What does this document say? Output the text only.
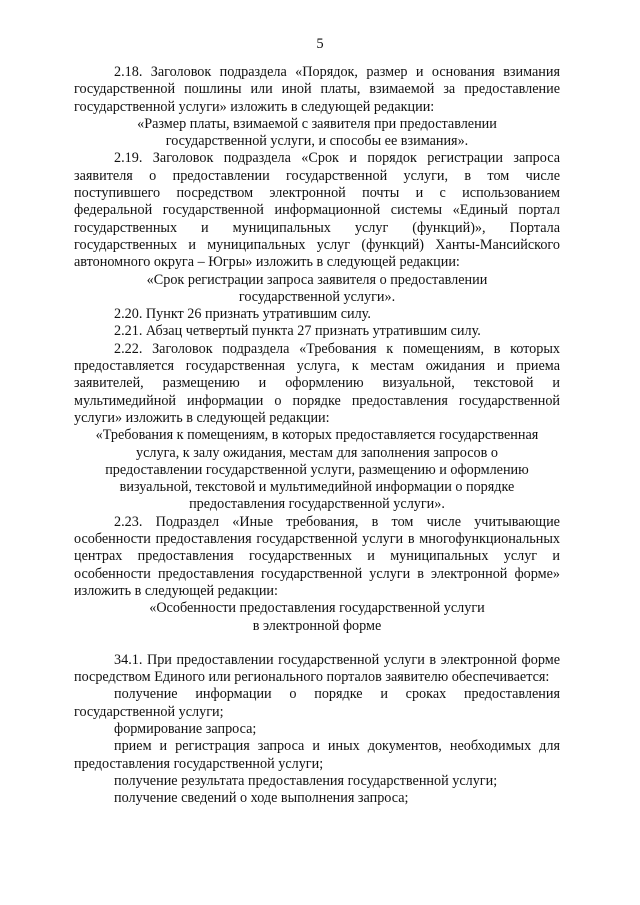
5

2.18. Заголовок подраздела «Порядок, размер и основания взимания государственной пошлины или иной платы, взимаемой за предоставление государственной услуги» изложить в следующей редакции:

«Размер платы, взимаемой с заявителя при предоставлении

государственной услуги, и способы ее взимания».

2.19. Заголовок подраздела «Срок и порядок регистрации запроса заявителя о предоставлении государственной услуги, в том числе поступившего посредством электронной почты и с использованием федеральной государственной информационной системы «Единый портал государственных и муниципальных услуг (функций)», Портала государственных и муниципальных услуг (функций) Ханты-Мансийского автономного округа – Югры» изложить в следующей редакции:

«Срок регистрации запроса заявителя о предоставлении

государственной услуги».

2.20. Пункт 26 признать утратившим силу.

2.21. Абзац четвертый пункта 27 признать утратившим силу.

2.22. Заголовок подраздела «Требования к помещениям, в которых предоставляется государственная услуга, к местам ожидания и приема заявителей, размещению и оформлению визуальной, текстовой и мультимедийной информации о порядке предоставления государственной услуги» изложить в следующей редакции:

«Требования к помещениям, в которых предоставляется государственная

услуга, к залу ожидания, местам для заполнения запросов о

предоставлении государственной услуги, размещению и оформлению

визуальной, текстовой и мультимедийной информации о порядке

предоставления государственной услуги».

2.23. Подраздел «Иные требования, в том числе учитывающие особенности предоставления государственной услуги в многофункциональных центрах предоставления государственных и муниципальных услуг и особенности предоставления государственной услуги в электронной форме» изложить в следующей редакции:

«Особенности предоставления государственной услуги

в электронной форме

34.1. При предоставлении государственной услуги в электронной форме посредством Единого или регионального порталов заявителю обеспечивается:

получение информации о порядке и сроках предоставления государственной услуги;

формирование запроса;

прием и регистрация запроса и иных документов, необходимых для предоставления государственной услуги;

получение результата предоставления государственной услуги;

получение сведений о ходе выполнения запроса;
